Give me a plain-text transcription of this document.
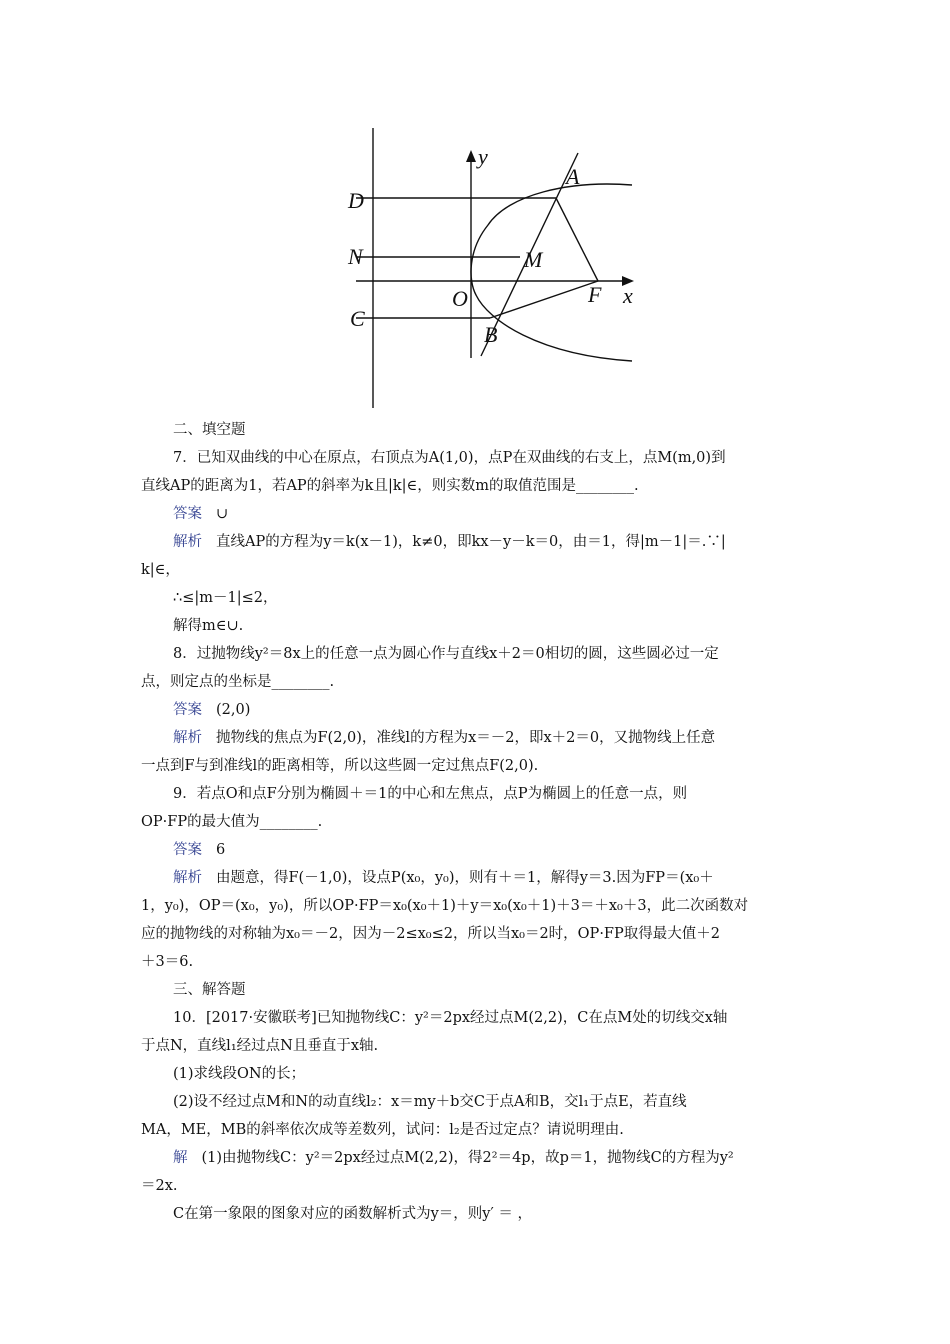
y
x
D
N
C
O
A
M
F
B
二、填空题
7．已知双曲线的中心在原点，右顶点为A(1,0)，点P在双曲线的右支上，点M(m,0)到
直线AP的距离为1，若AP的斜率为k且|k|∈，则实数m的取值范围是________.
答案 ∪
解析 直线AP的方程为y＝k(x－1)，k≠0，即kx－y－k＝0，由＝1，得|m－1|＝.∵|
k|∈，
∴≤|m－1|≤2，
解得m∈∪.
8．过抛物线y²＝8x上的任意一点为圆心作与直线x＋2＝0相切的圆，这些圆必过一定
点，则定点的坐标是________.
答案 (2,0)
解析 抛物线的焦点为F(2,0)，准线l的方程为x＝－2，即x＋2＝0，又抛物线上任意
一点到F与到准线l的距离相等，所以这些圆一定过焦点F(2,0).
9．若点O和点F分别为椭圆＋＝1的中心和左焦点，点P为椭圆上的任意一点，则
OP·FP的最大值为________.
答案 6
解析 由题意，得F(－1,0)，设点P(x₀，y₀)，则有＋＝1，解得y＝3.因为FP＝(x₀＋
1，y₀)，OP＝(x₀，y₀)，所以OP·FP＝x₀(x₀＋1)＋y＝x₀(x₀＋1)＋3＝＋x₀＋3，此二次函数对
应的抛物线的对称轴为x₀＝－2，因为－2≤x₀≤2，所以当x₀＝2时，OP·FP取得最大值＋2
＋3＝6.
三、解答题
10．[2017·安徽联考]已知抛物线C：y²＝2px经过点M(2,2)，C在点M处的切线交x轴
于点N，直线l₁经过点N且垂直于x轴.
(1)求线段ON的长；
(2)设不经过点M和N的动直线l₂：x＝my＋b交C于点A和B，交l₁于点E，若直线
MA，ME，MB的斜率依次成等差数列，试问：l₂是否过定点？请说明理由.
解 (1)由抛物线C：y²＝2px经过点M(2,2)，得2²＝4p，故p＝1，抛物线C的方程为y²
＝2x.
C在第一象限的图象对应的函数解析式为y＝，则y′ ＝ ，
